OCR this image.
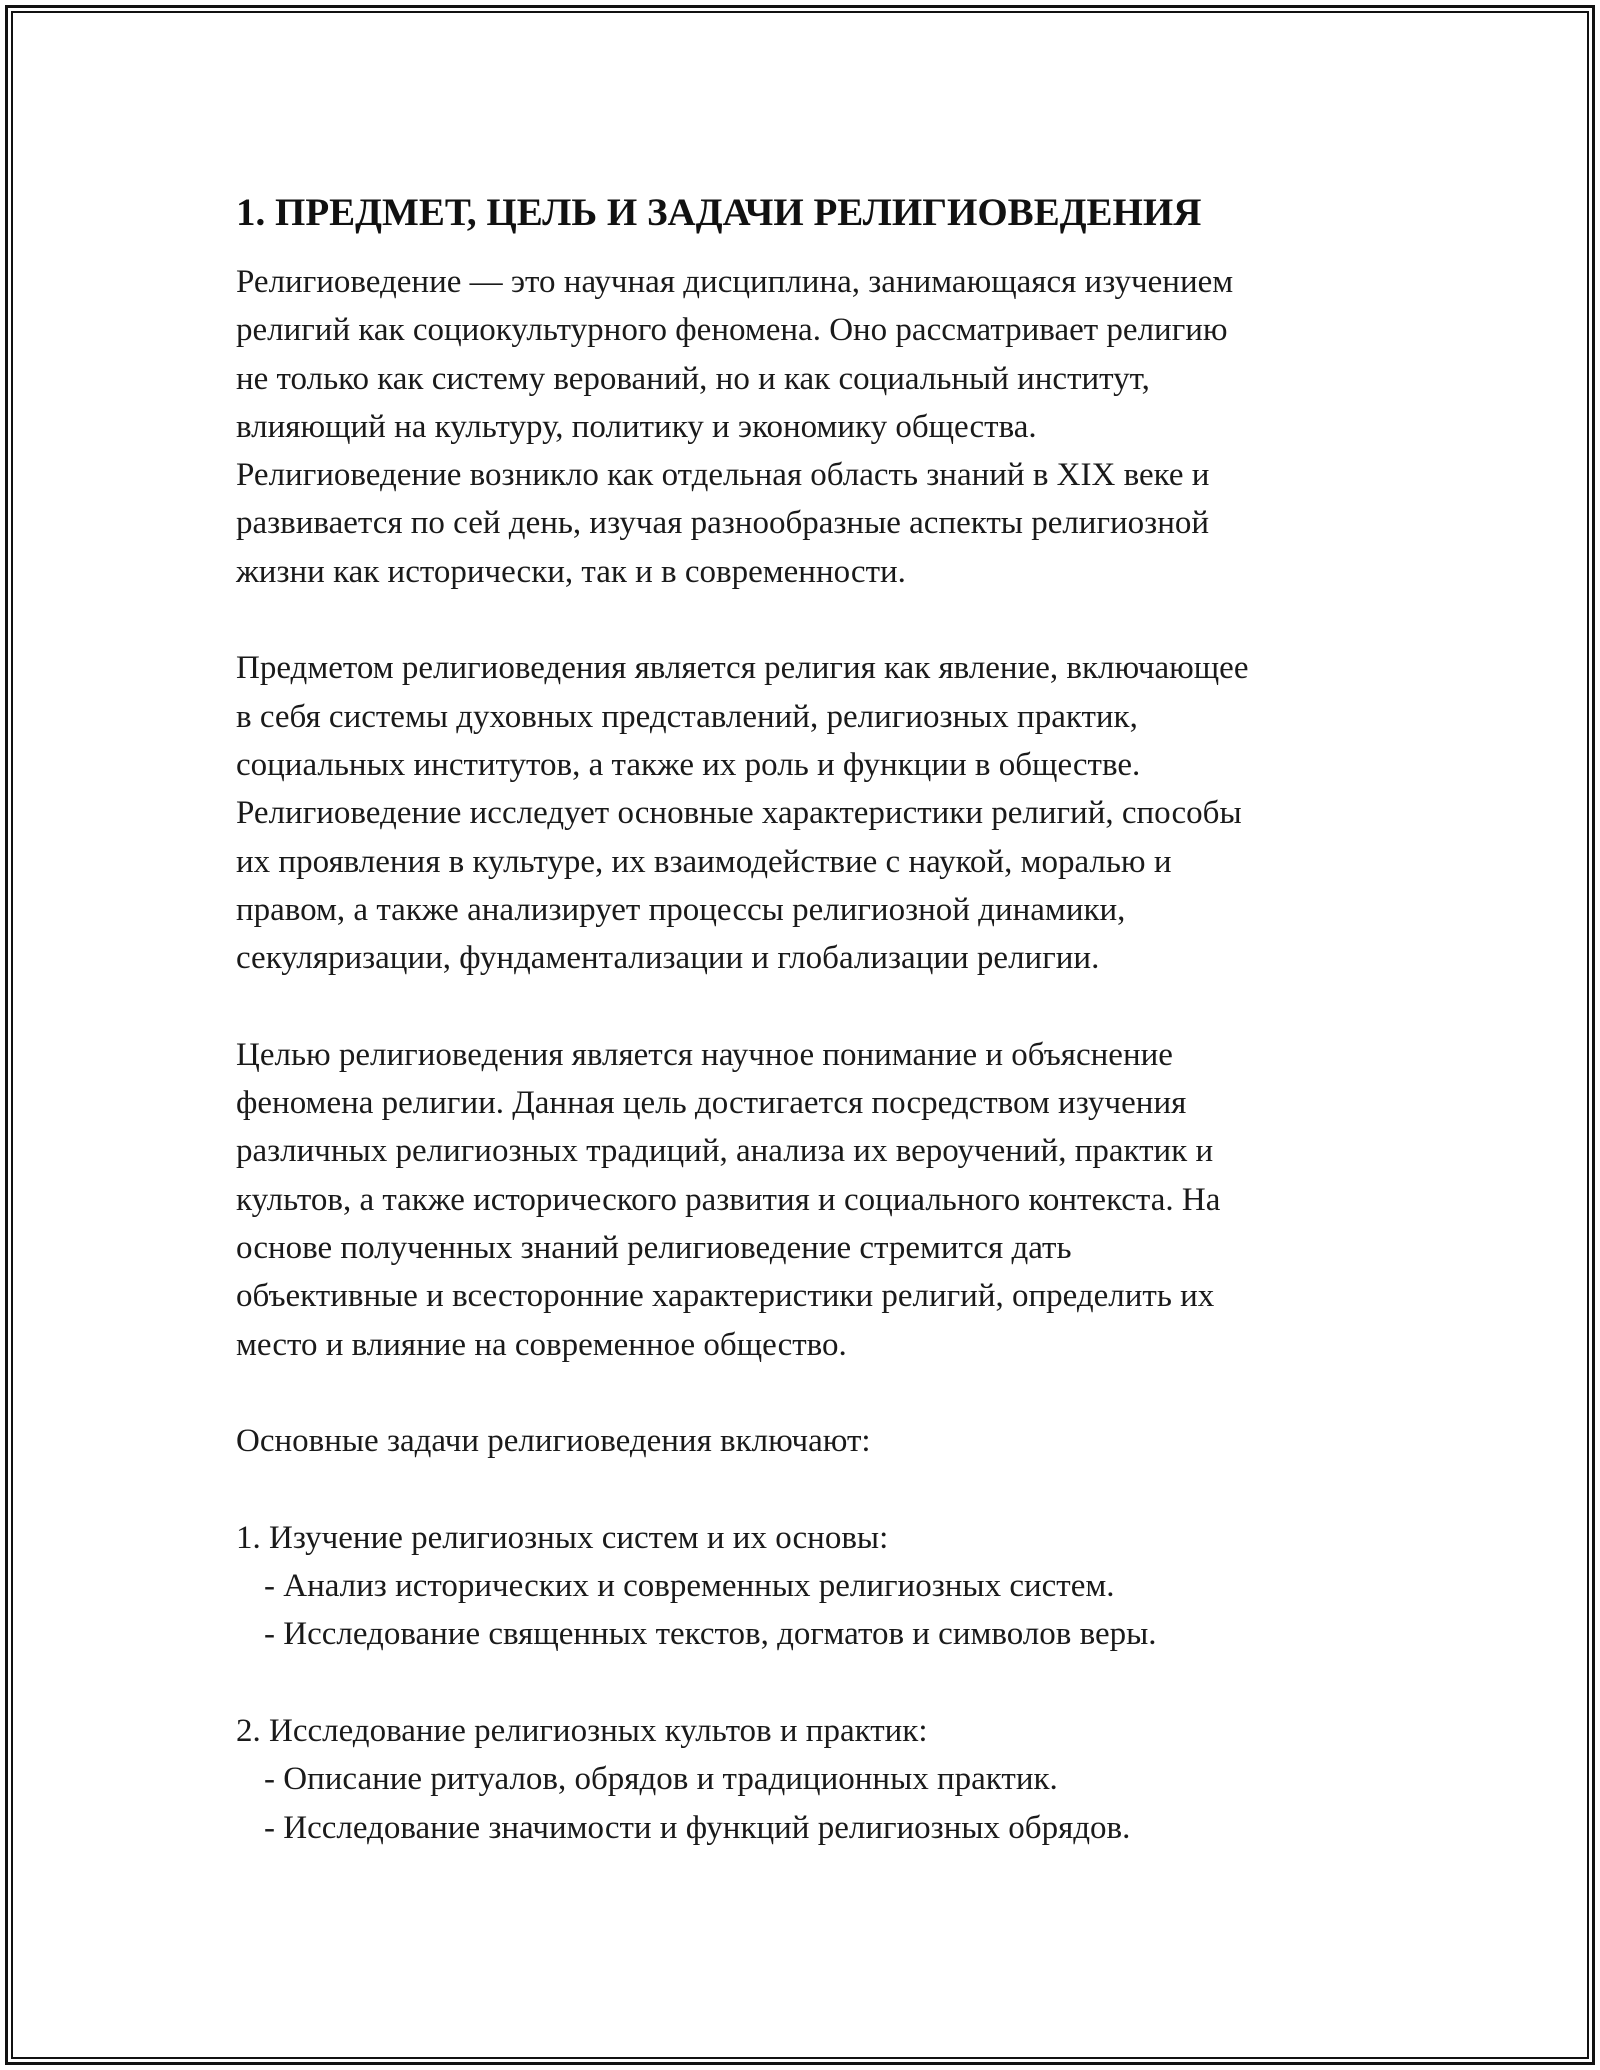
1. ПРЕДМЕТ, ЦЕЛЬ И ЗАДАЧИ РЕЛИГИОВЕДЕНИЯ

Религиоведение — это научная дисциплина, занимающаяся изучением
религий как социокультурного феномена. Оно рассматривает религию
не только как систему верований, но и как социальный институт,
влияющий на культуру, политику и экономику общества.
Религиоведение возникло как отдельная область знаний в XIX веке и
развивается по сей день, изучая разнообразные аспекты религиозной
жизни как исторически, так и в современности.

Предметом религиоведения является религия как явление, включающее
в себя системы духовных представлений, религиозных практик,
социальных институтов, а также их роль и функции в обществе.
Религиоведение исследует основные характеристики религий, способы
их проявления в культуре, их взаимодействие с наукой, моралью и
правом, а также анализирует процессы религиозной динамики,
секуляризации, фундаментализации и глобализации религии.

Целью религиоведения является научное понимание и объяснение
феномена религии. Данная цель достигается посредством изучения
различных религиозных традиций, анализа их вероучений, практик и
культов, а также исторического развития и социального контекста. На
основе полученных знаний религиоведение стремится дать
объективные и всесторонние характеристики религий, определить их
место и влияние на современное общество.

Основные задачи религиоведения включают:

1. Изучение религиозных систем и их основы:

- Анализ исторических и современных религиозных систем.

- Исследование священных текстов, догматов и символов веры.

2. Исследование религиозных культов и практик:

- Описание ритуалов, обрядов и традиционных практик.

- Исследование значимости и функций религиозных обрядов.
